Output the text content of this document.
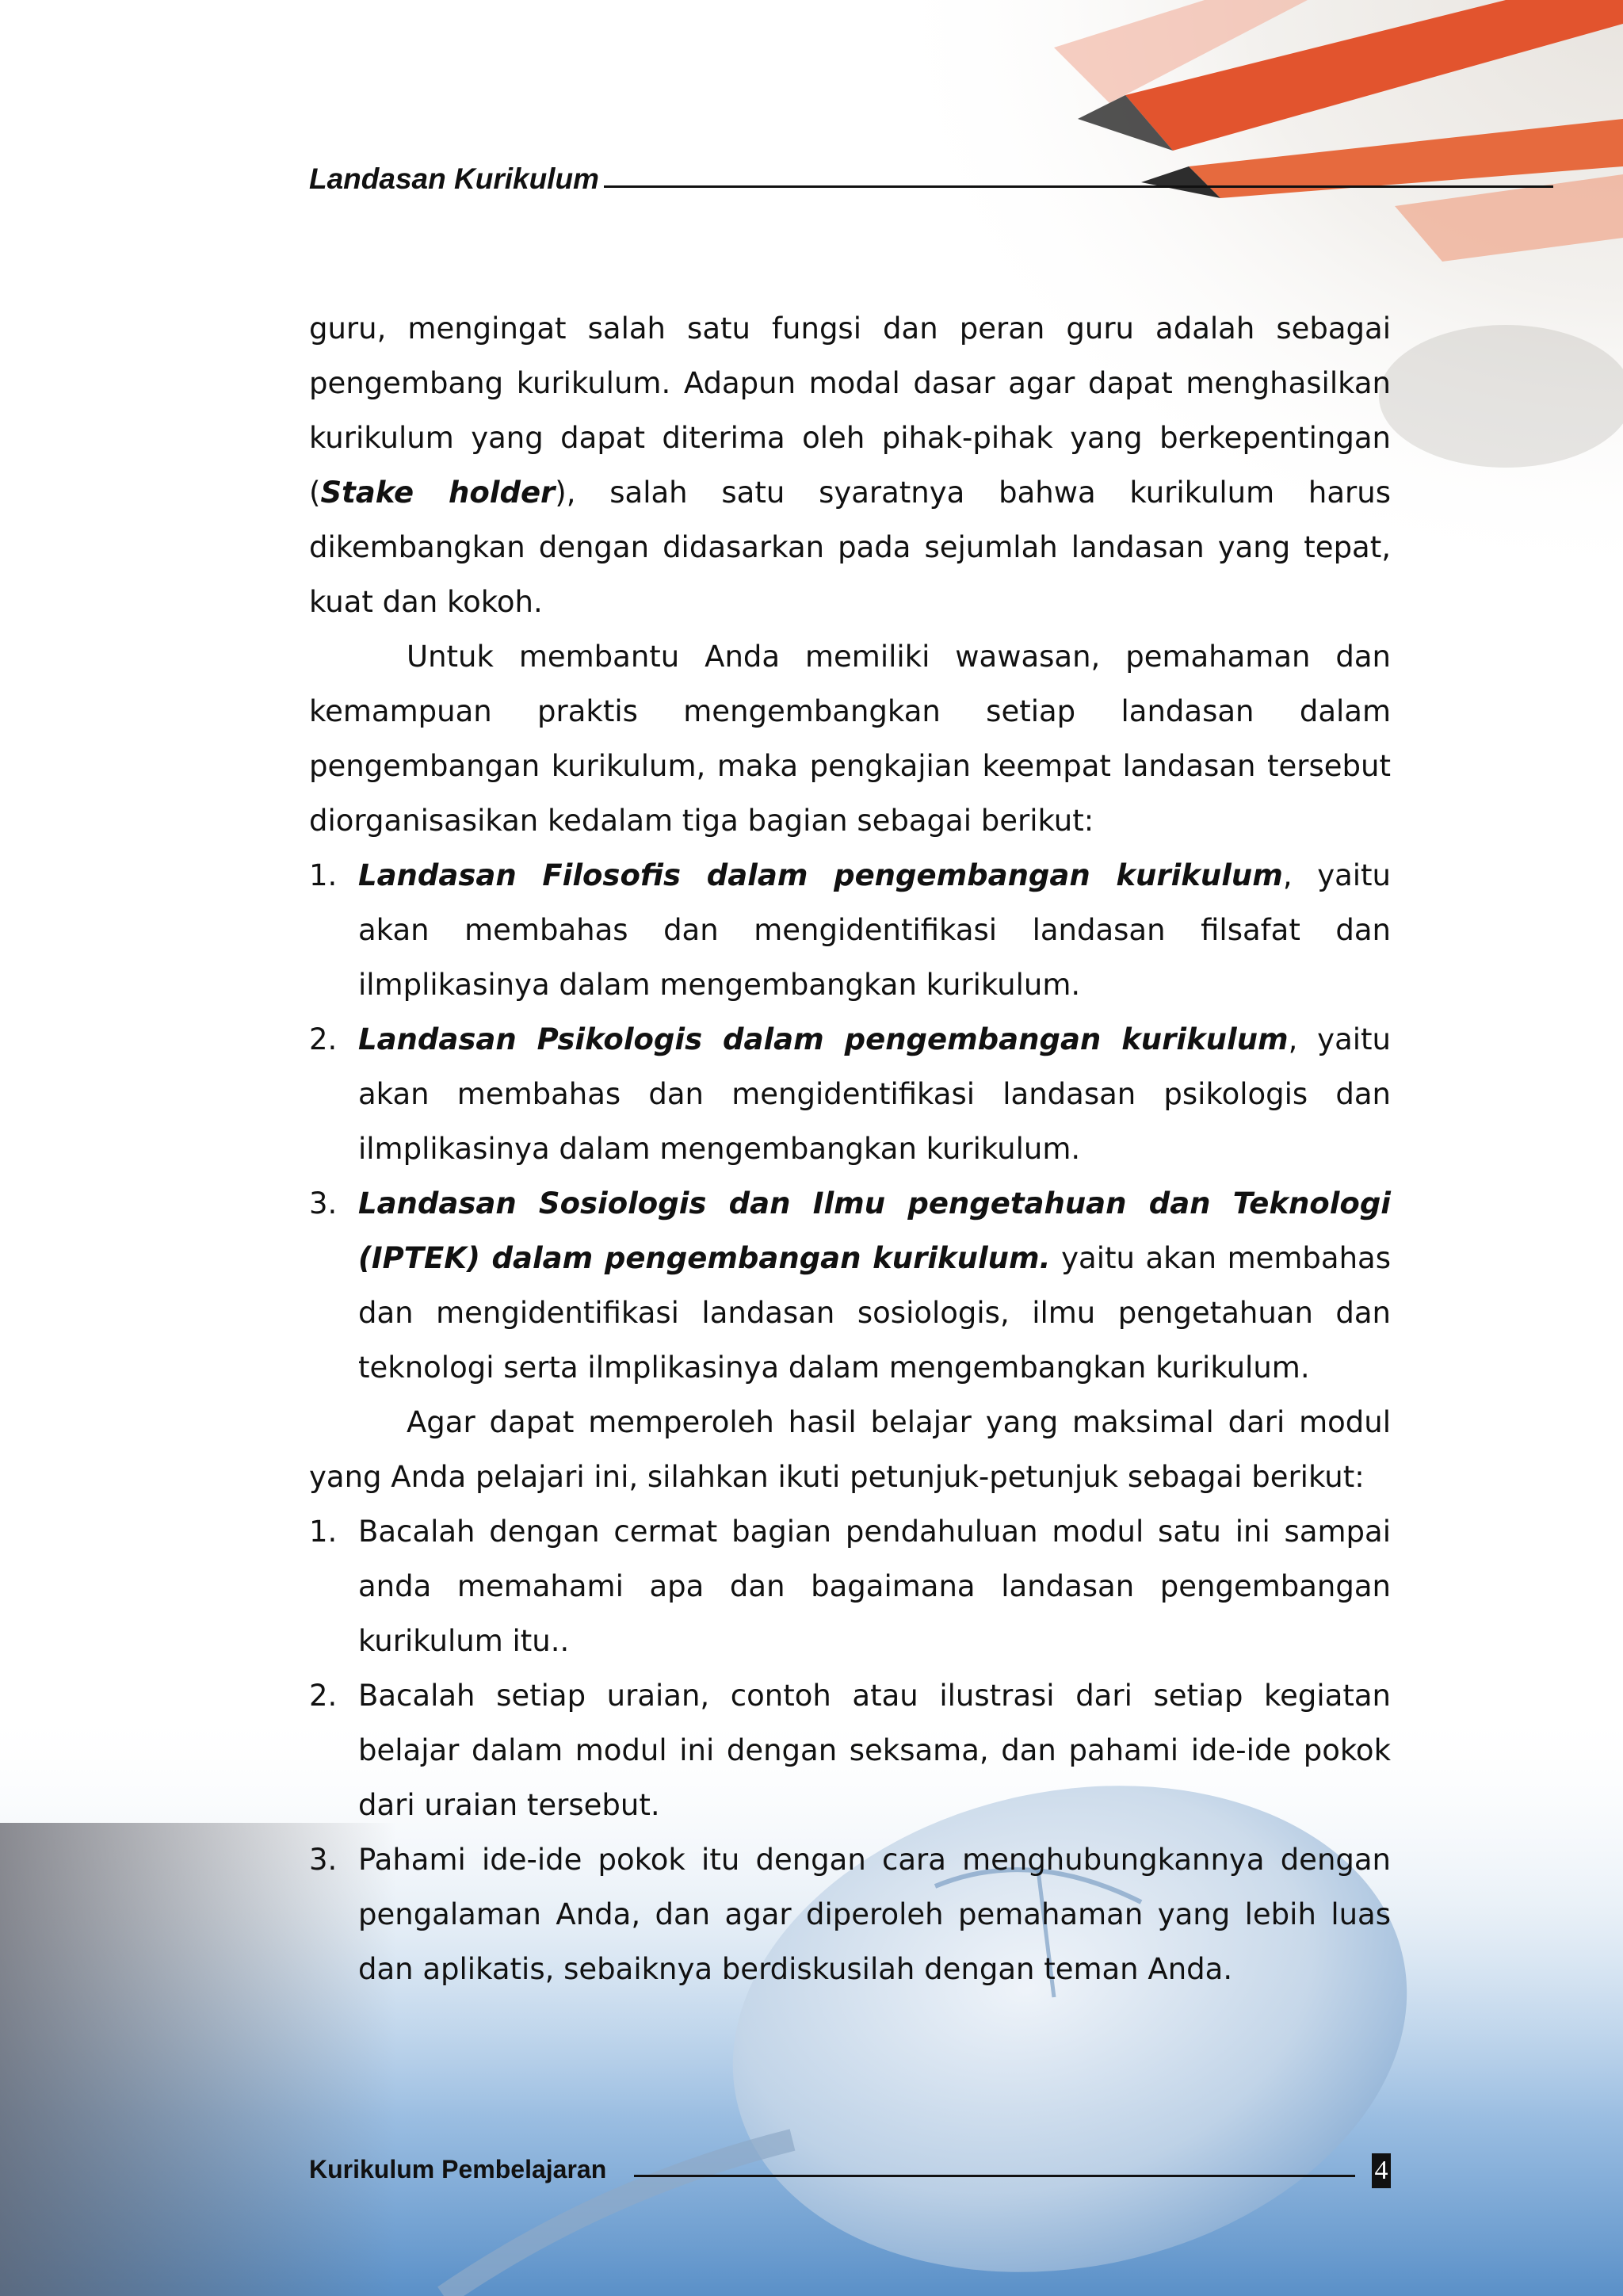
Landasan Kurikulum

guru, mengingat salah satu fungsi dan peran guru adalah sebagai pengembang kurikulum. Adapun modal dasar agar dapat menghasilkan kurikulum yang dapat diterima oleh pihak-pihak yang berkepentingan (Stake holder), salah satu syaratnya bahwa kurikulum harus dikembangkan dengan didasarkan pada sejumlah landasan yang tepat, kuat dan kokoh.

Untuk membantu Anda memiliki wawasan, pemahaman dan kemampuan praktis mengembangkan setiap landasan dalam pengembangan kurikulum, maka pengkajian keempat landasan tersebut diorganisasikan kedalam tiga bagian sebagai berikut:

1. Landasan Filosofis dalam pengembangan kurikulum, yaitu akan membahas dan mengidentifikasi landasan filsafat dan ilmplikasinya dalam mengembangkan kurikulum.
2. Landasan Psikologis dalam pengembangan kurikulum, yaitu akan membahas dan mengidentifikasi landasan psikologis dan ilmplikasinya dalam mengembangkan kurikulum.
3. Landasan Sosiologis dan Ilmu pengetahuan dan Teknologi (IPTEK) dalam pengembangan kurikulum. yaitu akan membahas dan mengidentifikasi landasan sosiologis, ilmu pengetahuan dan teknologi serta ilmplikasinya dalam mengembangkan kurikulum.

Agar dapat memperoleh hasil belajar yang maksimal dari modul yang Anda pelajari ini, silahkan ikuti petunjuk-petunjuk sebagai berikut:

1. Bacalah dengan cermat bagian pendahuluan modul satu ini sampai anda memahami apa dan bagaimana landasan pengembangan kurikulum itu..
2. Bacalah setiap uraian, contoh atau ilustrasi dari setiap kegiatan belajar dalam modul ini dengan seksama, dan pahami ide-ide pokok dari uraian tersebut.
3. Pahami ide-ide pokok itu dengan cara menghubungkannya dengan pengalaman Anda, dan agar diperoleh pemahaman yang lebih luas dan aplikatis, sebaiknya berdiskusilah dengan teman Anda.
Kurikulum Pembelajaran	4
